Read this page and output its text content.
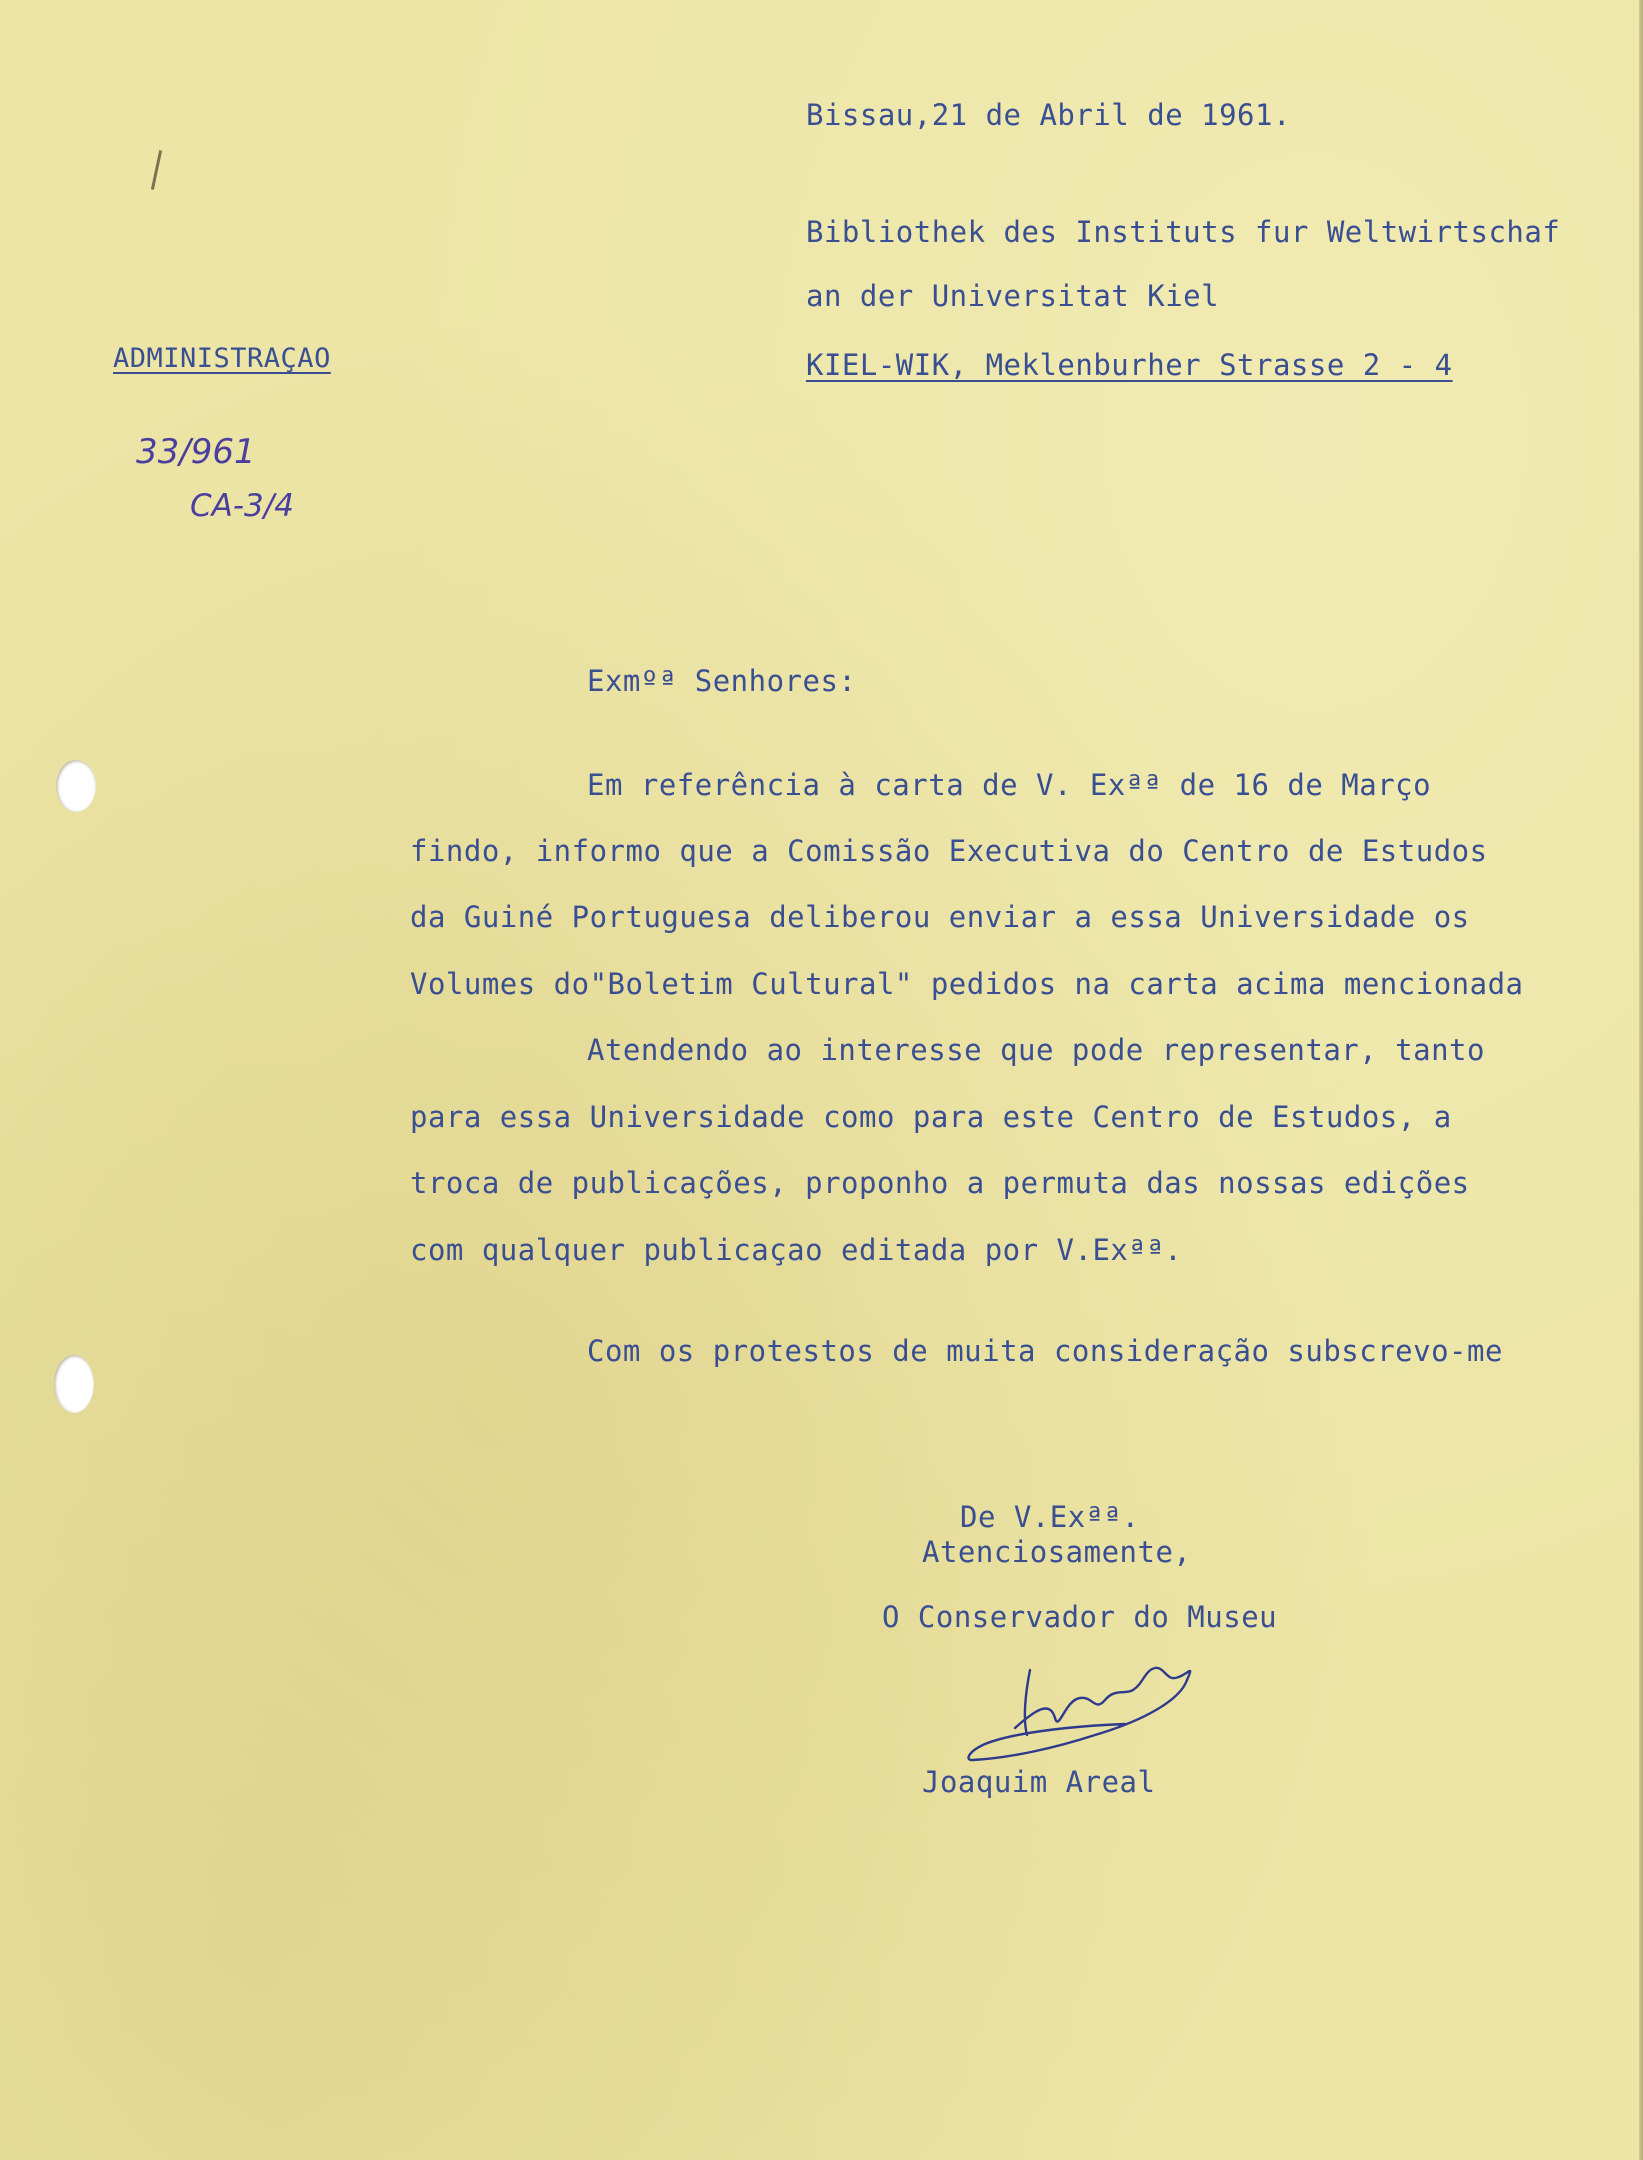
Bissau,21 de Abril de 1961.
Bibliothek des Instituts fur Weltwirtschaf
an der Universitat Kiel
KIEL-WIK, Meklenburher Strasse 2 - 4
ADMINISTRAÇAO
33/961
CA-3/4
Exmºª Senhores:
Em referência à carta de V. Exªª de 16 de Março
findo, informo que a Comissão Executiva do Centro de Estudos
da Guiné Portuguesa deliberou enviar a essa Universidade os
Volumes do"Boletim Cultural" pedidos na carta acima mencionada
Atendendo ao interesse que pode representar, tanto
para essa Universidade como para este Centro de Estudos, a
troca de publicações, proponho a permuta das nossas edições
com qualquer publicaçao editada por V.Exªª.
Com os protestos de muita consideração subscrevo-me
De V.Exªª.
Atenciosamente,
O Conservador do Museu
Joaquim Areal
